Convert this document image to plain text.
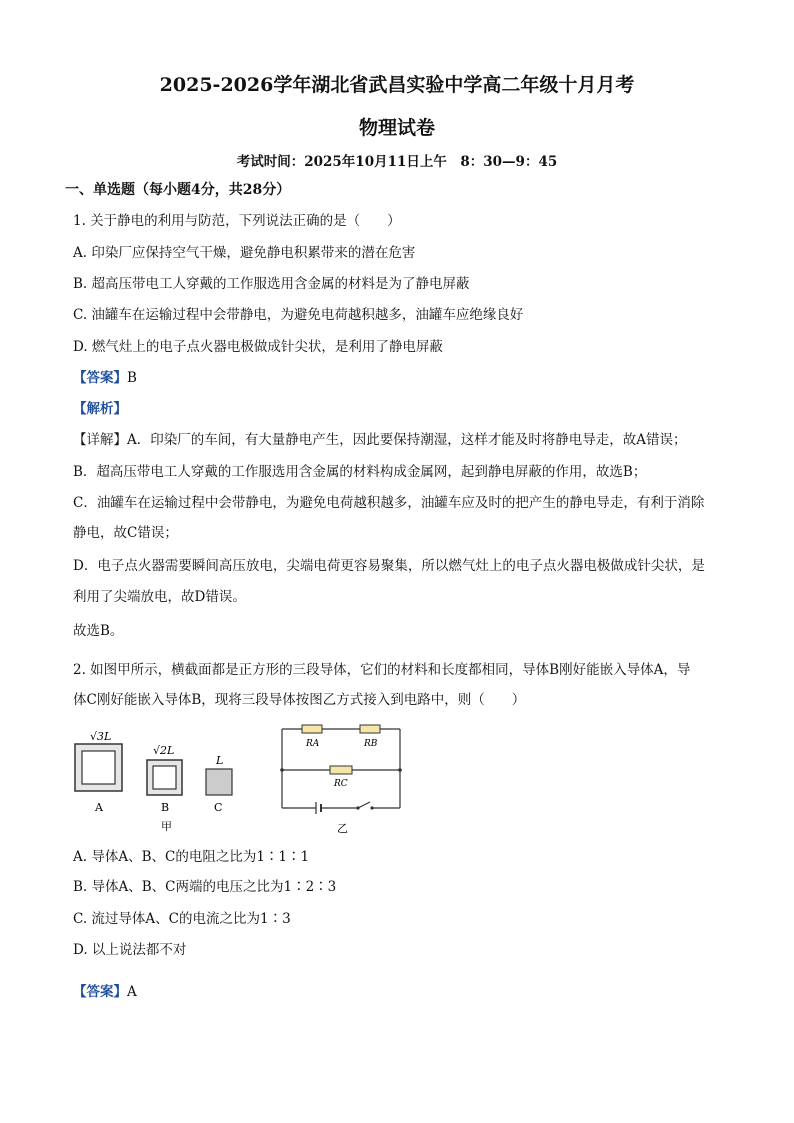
2025-2026学年湖北省武昌实验中学高二年级十月月考
物理试卷
考试时间：2025年10月11日上午　8：30—9：45
一、单选题（每小题4分，共28分）
1. 关于静电的利用与防范，下列说法正确的是（　　）
A. 印染厂应保持空气干燥，避免静电积累带来的潜在危害
B. 超高压带电工人穿戴的工作服选用含金属的材料是为了静电屏蔽
C. 油罐车在运输过程中会带静电，为避免电荷越积越多，油罐车应绝缘良好
D. 燃气灶上的电子点火器电极做成针尖状，是利用了静电屏蔽
【答案】B
【解析】
【详解】A．印染厂的车间，有大量静电产生，因此要保持潮湿，这样才能及时将静电导走，故A错误；
B．超高压带电工人穿戴的工作服选用含金属的材料构成金属网，起到静电屏蔽的作用，故选B；
C．油罐车在运输过程中会带静电，为避免电荷越积越多，油罐车应及时的把产生的静电导走，有利于消除
静电，故C错误；
D．电子点火器需要瞬间高压放电，尖端电荷更容易聚集，所以燃气灶上的电子点火器电极做成针尖状，是
利用了尖端放电，故D错误。
故选B。
2. 如图甲所示，横截面都是正方形的三段导体，它们的材料和长度都相同，导体B刚好能嵌入导体A，导
体C刚好能嵌入导体B，现将三段导体按图乙方式接入到电路中，则（　　）
√3L
A
√2L
B
L
C
甲
RA	RB
RC
乙
A. 导体A、B、C的电阻之比为1∶1∶1
B. 导体A、B、C两端的电压之比为1∶2∶3
C. 流过导体A、C的电流之比为1∶3
D. 以上说法都不对
【答案】A
